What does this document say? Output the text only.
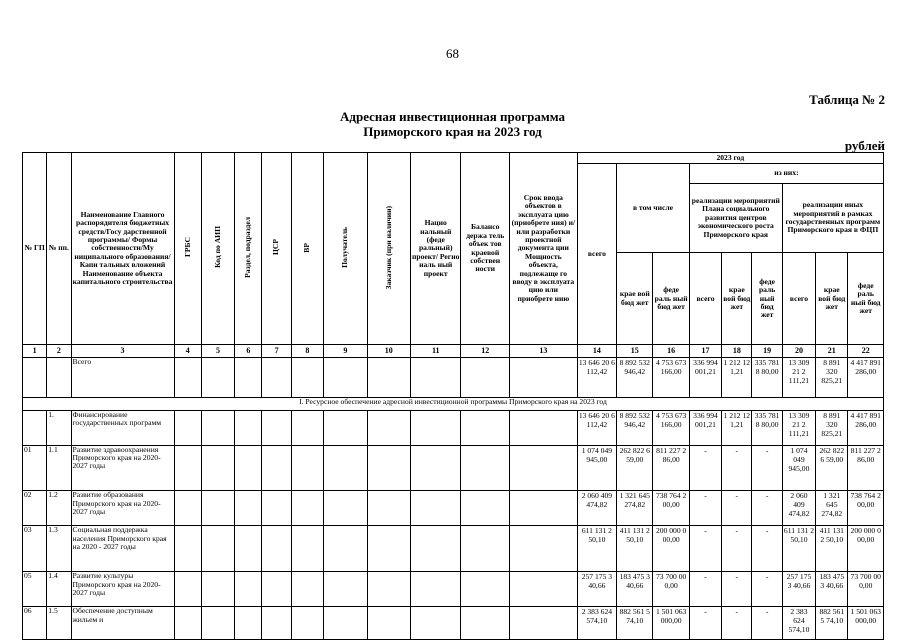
68
Таблица № 2
Адресная инвестиционная программа
Приморского края на 2023 год
рублей
№ ГП	№ пп.	Наименование Главного распорядителя бюджетных средств/Госу дарственной программы/ Формы собственности/Му ниципального образования/Капи тальных вложений Наименование объекта капитального строительства	ГРБС	Код по АИП	Раздел, подраздел	ЦСР	ВР	Получатель	Заказчик (при наличии)	Нацио нальный (феде ральный) проект/ Регио наль ный проект	Балансо держа тель объек тов краевой собствен ности	Срок ввода объектов в эксплуата цию (приобрете ния) и/или разработки проектной документа ции Мощность объекта, подлежаще го вводу в эксплуата цию или приобрете нию	2023 год								
													всего	в том числе		из них:					
																реализации мероприятий Плана социального развития центров экономического роста Приморского края			реализации иных мероприятий в рамках государственных программ Приморского края в ФЦП		
														крае вой бюд жет	феде раль ный бюд жет	всего	крае вой бюд жет	феде раль ный бюд жет	всего	крае вой бюд жет	феде раль ный бюд жет
1	2	3	4	5	6	7	8	9	10	11	12	13	14	15	16	17	18	19	20	21	22
		Всего											13 646 20 6 112,42	8 892 532 946,42	4 753 673 166,00	336 994 001,21	1 212 12 1,21	335 781 8 80,00	13 309 21 2 111,21	8 891 320 825,21	4 417 891 286,00
I. Ресурсное обеспечение адресной инвестиционной программы Приморского края на 2023 год																					
	1.	Финансирование государственных программ											13 646 20 6 112,42	8 892 532 946,42	4 753 673 166,00	336 994 001,21	1 212 12 1,21	335 781 8 80,00	13 309 21 2 111,21	8 891 320 825,21	4 417 891 286,00
01	1.1	Развитие здравоохранения Приморского края на 2020-2027 годы											1 074 049 945,00	262 822 6 59,00	811 227 2 86,00	-	-	-	1 074 049 945,00	262 822 6 59,00	811 227 2 86,00
02	1.2	Развитие образования Приморского края на 2020-2027 годы											2 060 409 474,82	1 321 645 274,82	738 764 2 00,00	-	-	-	2 060 409 474,82	1 321 645 274,82	738 764 2 00,00
03	1.3	Социальная поддержка населения Приморского края на 2020 - 2027 годы											611 131 2 50,10	411 131 2 50,10	200 000 0 00,00	-	-	-	611 131 2 50,10	411 131 2 50,10	200 000 0 00,00
05	1.4	Развитие культуры Приморского края на 2020-2027 годы											257 175 3 40,66	183 475 3 40,66	73 700 00 0,00	-	-	-	257 175 3 40,66	183 475 3 40,66	73 700 00 0,00
06	1.5	Обеспечение доступным жильем и											2 383 624 574,10	882 561 5 74,10	1 501 063 000,00	-	-	-	2 383 624 574,10	882 561 5 74,10	1 501 063 000,00
